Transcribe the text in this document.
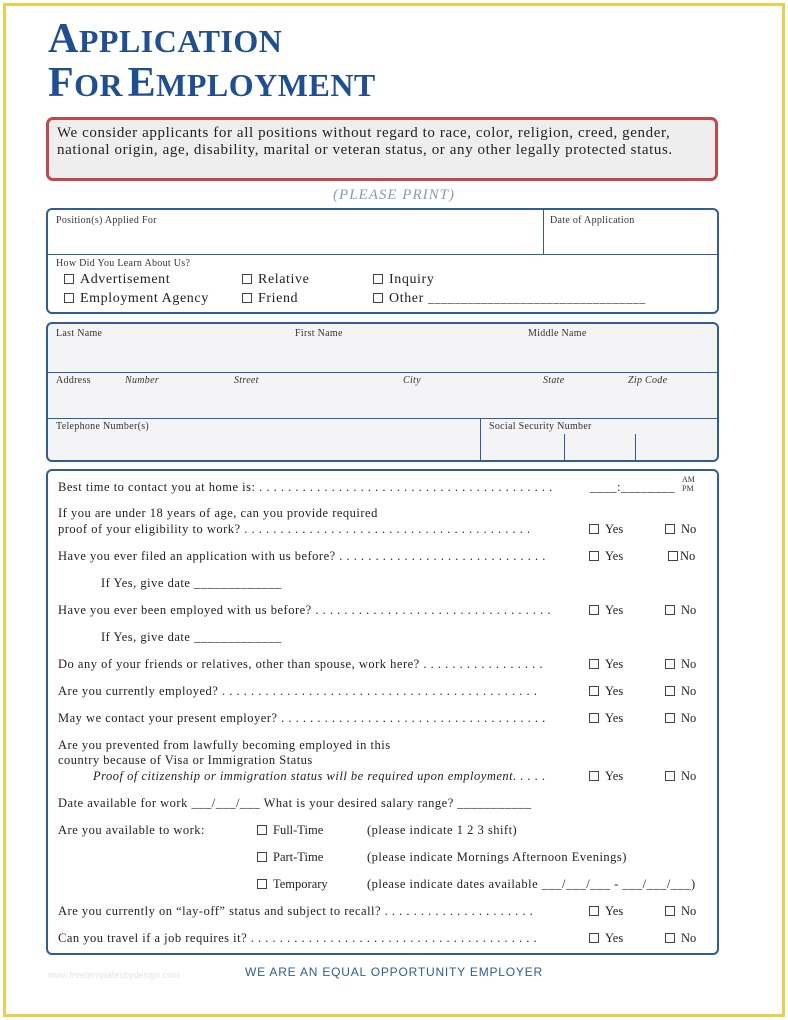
APPLICATION
FOR EMPLOYMENT
We consider applicants for all positions without regard to race, color, religion, creed, gender, national origin, age, disability, marital or veteran status, or any other legally protected status.
(PLEASE PRINT)
Position(s) Applied For	Date of Application
How Did You Learn About Us?
Advertisement
Employment Agency
Relative
Friend
Inquiry
Other _________________________________
Last Name	First Name	Middle Name
Address	Number	Street	City	State	Zip Code
Telephone Number(s)	Social Security Number
Best time to contact you at home is: . . . . . . . . . . . . . . . . . . . . . . . . . . . . . . . . . . . . . . . . .	____:________
AM
PM
If you are under 18 years of age, can you provide required
proof of your eligibility to work? . . . . . . . . . . . . . . . . . . . . . . . . . . . . . . . . . . . . . . . .	Yes	No
Have you ever filed an application with us before? . . . . . . . . . . . . . . . . . . . . . . . . . . . . .	Yes	No
If Yes, give date _____________
Have you ever been employed with us before? . . . . . . . . . . . . . . . . . . . . . . . . . . . . . . . . .	Yes	No
If Yes, give date _____________
Do any of your friends or relatives, other than spouse, work here? . . . . . . . . . . . . . . . . .	Yes	No
Are you currently employed? . . . . . . . . . . . . . . . . . . . . . . . . . . . . . . . . . . . . . . . . . . . .	Yes	No
May we contact your present employer? . . . . . . . . . . . . . . . . . . . . . . . . . . . . . . . . . . . . .	Yes	No
Are you prevented from lawfully becoming employed in this
country because of Visa or Immigration Status
Proof of citizenship or immigration status will be required upon employment. . . . .	Yes	No
Date available for work ___/___/___ What is your desired salary range? ___________
Are you available to work:	Full-Time	(please indicate 1 2 3 shift)
Part-Time	(please indicate Mornings Afternoon Evenings)
Temporary	(please indicate dates available ___/___/___ - ___/___/___)
Are you currently on “lay-off” status and subject to recall? . . . . . . . . . . . . . . . . . . . . .	Yes	No
Can you travel if a job requires it? . . . . . . . . . . . . . . . . . . . . . . . . . . . . . . . . . . . . . . . .	Yes	No
www.freetemplatesbydesign.com	WE ARE AN EQUAL OPPORTUNITY EMPLOYER
